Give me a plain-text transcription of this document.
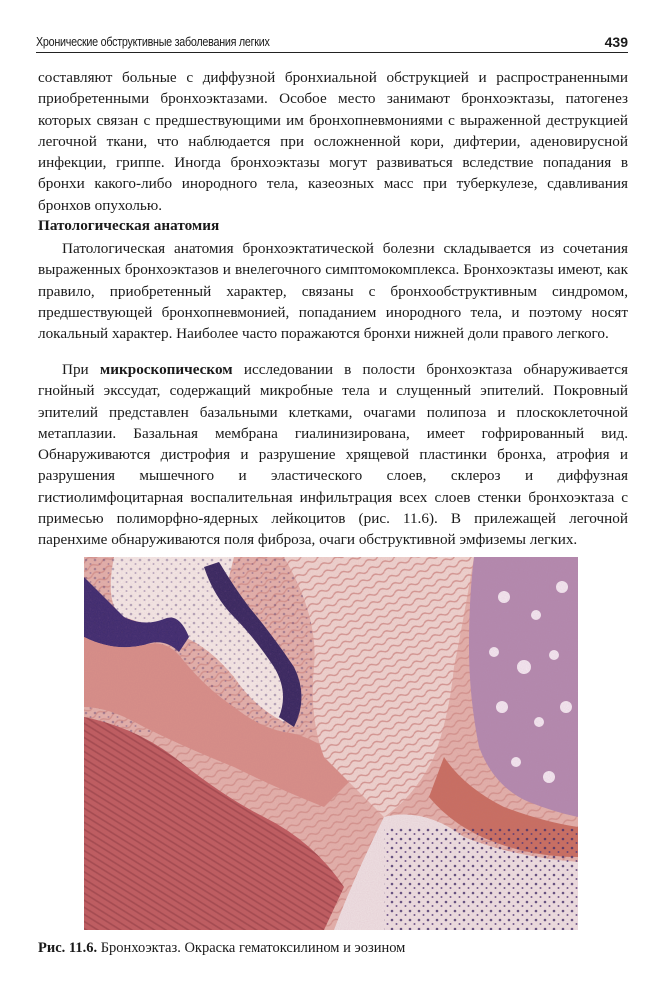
Хронические обструктивные заболевания легких	439

составляют больные с диффузной бронхиальной обструкцией и распространенными приобретенными бронхоэктазами. Особое место занимают бронхоэктазы, патогенез которых связан с предшествующими им бронхопневмониями с выраженной деструкцией легочной ткани, что наблюдается при осложненной кори, дифтерии, аденовирусной инфекции, гриппе. Иногда бронхоэктазы могут развиваться вследствие попадания в бронхи какого-либо инородного тела, казеозных масс при туберкулезе, сдавливания бронхов опухолью.

Патологическая анатомия

Патологическая анатомия бронхоэктатической болезни складывается из сочетания выраженных бронхоэктазов и внелегочного симптомокомплекса. Бронхоэктазы имеют, как правило, приобретенный характер, связаны с бронхообструктивным синдромом, предшествующей бронхопневмонией, попаданием инородного тела, и поэтому носят локальный характер. Наиболее часто поражаются бронхи нижней доли правого легкого.

При микроскопическом исследовании в полости бронхоэктаза обнаруживается гнойный экссудат, содержащий микробные тела и слущенный эпителий. Покровный эпителий представлен базальными клетками, очагами полипоза и плоскоклеточной метаплазии. Базальная мембрана гиалинизирована, имеет гофрированный вид. Обнаруживаются дистрофия и разрушение хрящевой пластинки бронха, атрофия и разрушения мышечного и эластического слоев, склероз и диффузная гистиолимфоцитарная воспалительная инфильтрация всех слоев стенки бронхоэктаза с примесью полиморфно-ядерных лейкоцитов (рис. 11.6). В прилежащей легочной паренхиме обнаруживаются поля фиброза, очаги обструктивной эмфиземы легких.

Рис. 11.6. Бронхоэктаз. Окраска гематоксилином и эозином
